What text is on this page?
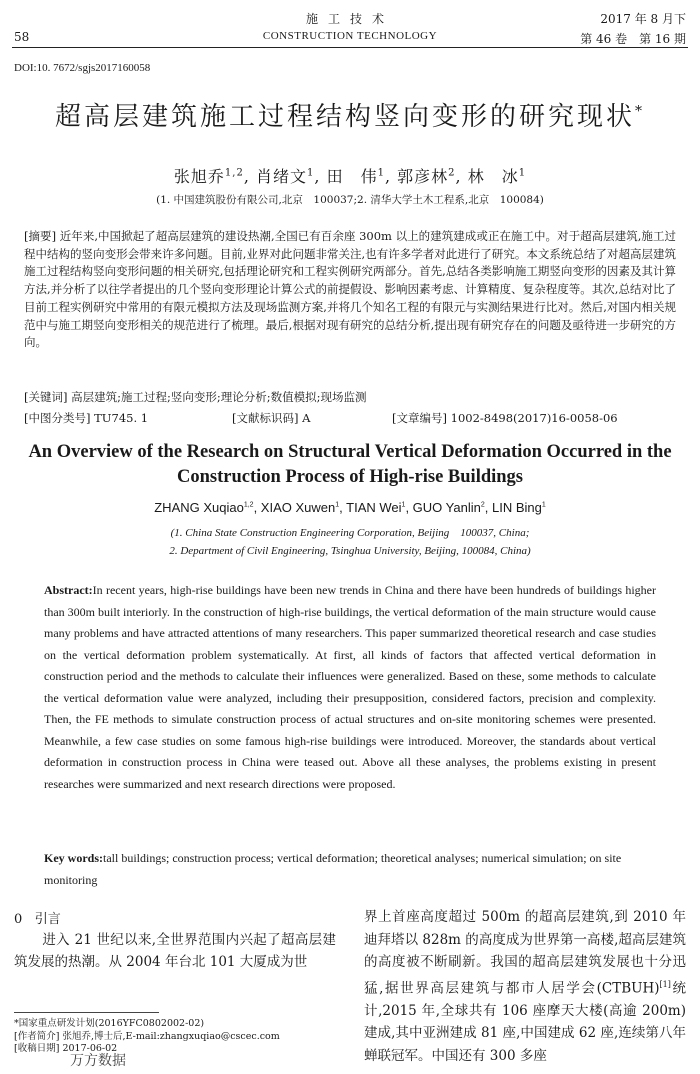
58
施工技术
CONSTRUCTION TECHNOLOGY
2017 年 8 月下
第 46 卷　第 16 期
DOI:10. 7672/sgjs2017160058
超高层建筑施工过程结构竖向变形的研究现状*
张旭乔$^{1,2}$, 肖绪文$^1$, 田　伟$^1$, 郭彦林$^2$, 林　冰$^1$
(1. 中国建筑股份有限公司,北京　100037;2. 清华大学土木工程系,北京　100084)
[摘要] 近年来,中国掀起了超高层建筑的建设热潮,全国已有百余座 300m 以上的建筑建成或正在施工中。对于超高层建筑,施工过程中结构的竖向变形会带来许多问题。目前,业界对此问题非常关注,也有许多学者对此进行了研究。本文系统总结了对超高层建筑施工过程结构竖向变形问题的相关研究,包括理论研究和工程实例研究两部分。首先,总结各类影响施工期竖向变形的因素及其计算方法,并分析了以往学者提出的几个竖向变形理论计算公式的前提假设、影响因素考虑、计算精度、复杂程度等。其次,总结对比了目前工程实例研究中常用的有限元模拟方法及现场监测方案,并将几个知名工程的有限元与实测结果进行比对。然后,对国内相关规范中与施工期竖向变形相关的规范进行了梳理。最后,根据对现有研究的总结分析,提出现有研究存在的问题及亟待进一步研究的方向。
[关键词] 高层建筑;施工过程;竖向变形;理论分析;数值模拟;现场监测
[中图分类号] TU745. 1	[文献标识码] A	[文章编号] 1002-8498(2017)16-0058-06
An Overview of the Research on Structural Vertical Deformation Occurred in the Construction Process of High-rise Buildings
ZHANG Xuqiao$^{1,2}$, XIAO Xuwen$^1$, TIAN Wei$^1$, GUO Yanlin$^2$, LIN Bing$^1$
(1. China State Construction Engineering Corporation, Beijing　100037, China;
2. Department of Civil Engineering, Tsinghua University, Beijing, 100084, China)
Abstract:In recent years, high-rise buildings have been new trends in China and there have been hundreds of buildings higher than 300m built interiorly. In the construction of high-rise buildings, the vertical deformation of the main structure would cause many problems and have attracted attentions of many researchers. This paper summarized theoretical research and case studies on the vertical deformation problem systematically. At first, all kinds of factors that affected vertical deformation in construction period and the methods to calculate their influences were generalized. Based on these, some methods to calculate the vertical deformation value were analyzed, including their presupposition, considered factors, precision and complexity. Then, the FE methods to simulate construction process of actual structures and on-site monitoring schemes were presented. Meanwhile, a few case studies on some famous high-rise buildings were introduced. Moreover, the standards about vertical deformation in construction process in China were teased out. Above all these analyses, the problems existing in present researches were summarized and next research directions were proposed.
Key words:tall buildings; construction process; vertical deformation; theoretical analyses; numerical simulation; on site monitoring
0 引言
进入 21 世纪以来,全世界范围内兴起了超高层建筑发展的热潮。从 2004 年台北 101 大厦成为世
*国家重点研发计划(2016YFC0802002-02)
[作者简介] 张旭乔,博士后,E-mail:zhangxuqiao@cscec.com
[收稿日期] 2017-06-02
万方数据
界上首座高度超过 500m 的超高层建筑,到 2010 年迪拜塔以 828m 的高度成为世界第一高楼,超高层建筑的高度被不断刷新。我国的超高层建筑发展也十分迅猛,据世界高层建筑与都市人居学会(CTBUH)[1]统计,2015 年,全球共有 106 座摩天大楼(高逾 200m)建成,其中亚洲建成 81 座,中国建成 62 座,连续第八年蝉联冠军。中国还有 300 多座
